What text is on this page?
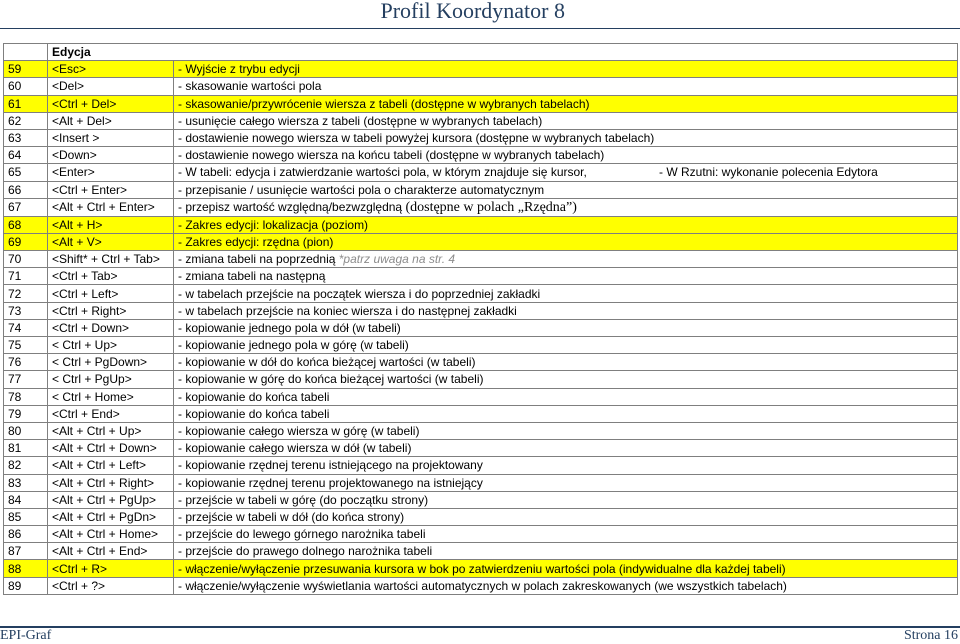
Profil Koordynator 8
	Edycja	
59	<Esc>	- Wyjście z trybu edycji
60	<Del>	- skasowanie wartości pola
61	<Ctrl + Del>	- skasowanie/przywrócenie wiersza z tabeli (dostępne w wybranych tabelach)
62	<Alt + Del>	- usunięcie całego wiersza z tabeli (dostępne w wybranych tabelach)
63	<Insert >	- dostawienie nowego wiersza w tabeli powyżej kursora (dostępne w wybranych tabelach)
64	<Down>	- dostawienie nowego wiersza na końcu tabeli (dostępne w wybranych tabelach)
65	<Enter>	- W tabeli: edycja i zatwierdzanie wartości pola, w którym znajduje się kursor, - W Rzutni: wykonanie polecenia Edytora

66	<Ctrl + Enter>	- przepisanie / usunięcie wartości pola o charakterze automatycznym
67	<Alt + Ctrl + Enter>	- przepisz wartość względną/bezwzględną (dostępne w polach „Rzędna”)
68	<Alt + H>	- Zakres edycji: lokalizacja (poziom)
69	<Alt + V>	- Zakres edycji: rzędna (pion)
70	<Shift* + Ctrl + Tab>	- zmiana tabeli na poprzednią *patrz uwaga na str. 4
71	<Ctrl + Tab>	- zmiana tabeli na następną
72	<Ctrl + Left>	- w tabelach przejście na początek wiersza i do poprzedniej zakładki
73	<Ctrl + Right>	- w tabelach przejście na koniec wiersza i do następnej zakładki
74	<Ctrl + Down>	- kopiowanie jednego pola w dół (w tabeli)
75	< Ctrl + Up>	- kopiowanie jednego pola w górę (w tabeli)
76	< Ctrl + PgDown>	- kopiowanie w dół do końca bieżącej wartości (w tabeli)
77	< Ctrl + PgUp>	- kopiowanie w górę do końca bieżącej wartości (w tabeli)
78	< Ctrl + Home>	- kopiowanie do końca tabeli
79	<Ctrl + End>	- kopiowanie do końca tabeli
80	<Alt + Ctrl + Up>	- kopiowanie całego wiersza w górę (w tabeli)
81	<Alt + Ctrl + Down>	- kopiowanie całego wiersza w dół (w tabeli)
82	<Alt + Ctrl + Left>	- kopiowanie rzędnej terenu istniejącego na projektowany
83	<Alt + Ctrl + Right>	- kopiowanie rzędnej terenu projektowanego na istniejący
84	<Alt + Ctrl + PgUp>	- przejście w tabeli w górę (do początku strony)
85	<Alt + Ctrl + PgDn>	- przejście w tabeli w dół (do końca strony)
86	<Alt + Ctrl + Home>	- przejście do lewego górnego narożnika tabeli
87	<Alt + Ctrl + End>	- przejście do prawego dolnego narożnika tabeli
88	<Ctrl + R>	- włączenie/wyłączenie przesuwania kursora w bok po zatwierdzeniu wartości pola (indywidualne dla każdej tabeli)
89	<Ctrl + ?>	- włączenie/wyłączenie wyświetlania wartości automatycznych w polach zakreskowanych (we wszystkich tabelach)
EPI-Graf	Strona 16
